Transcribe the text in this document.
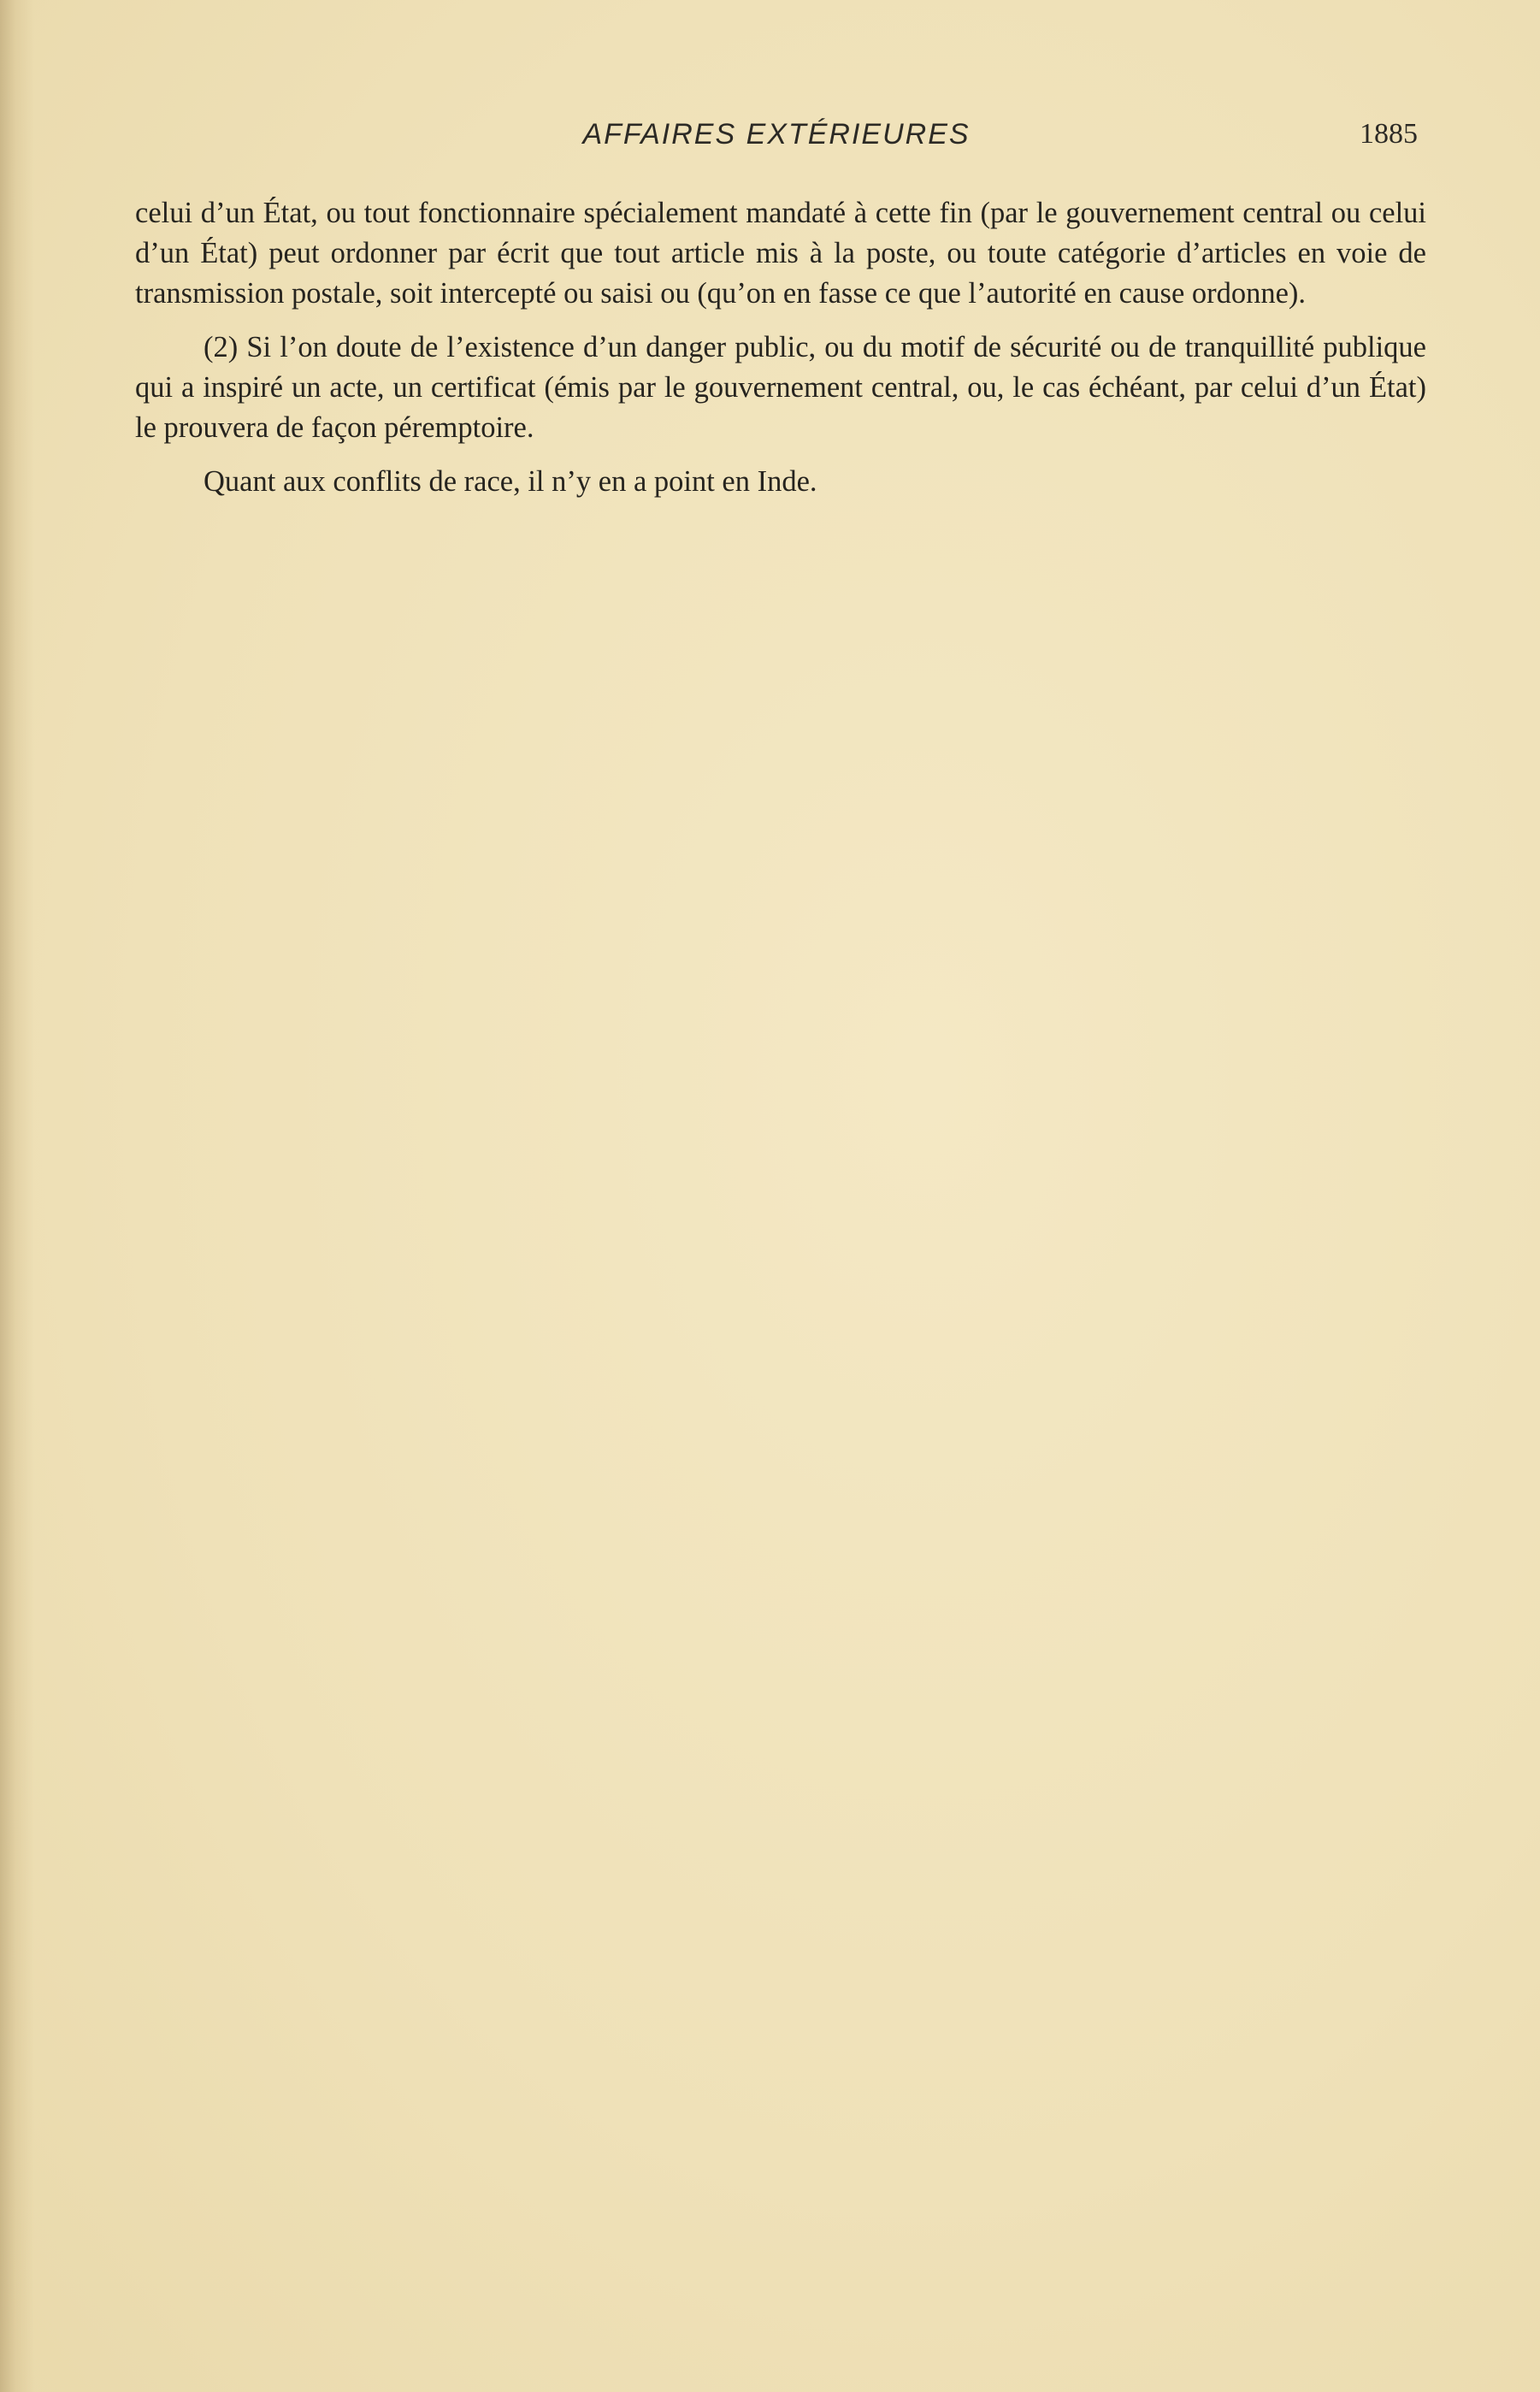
AFFAIRES EXTÉRIEURES	1885

celui d’un État, ou tout fonctionnaire spécialement mandaté à cette fin (par le gouvernement central ou celui d’un État) peut ordonner par écrit que tout article mis à la poste, ou toute catégorie d’articles en voie de transmission postale, soit intercepté ou saisi ou (qu’on en fasse ce que l’autorité en cause ordonne).

(2) Si l’on doute de l’existence d’un danger public, ou du motif de sécurité ou de tranquillité publique qui a inspiré un acte, un certificat (émis par le gouvernement central, ou, le cas échéant, par celui d’un État) le prouvera de façon péremptoire.

Quant aux conflits de race, il n’y en a point en Inde.
